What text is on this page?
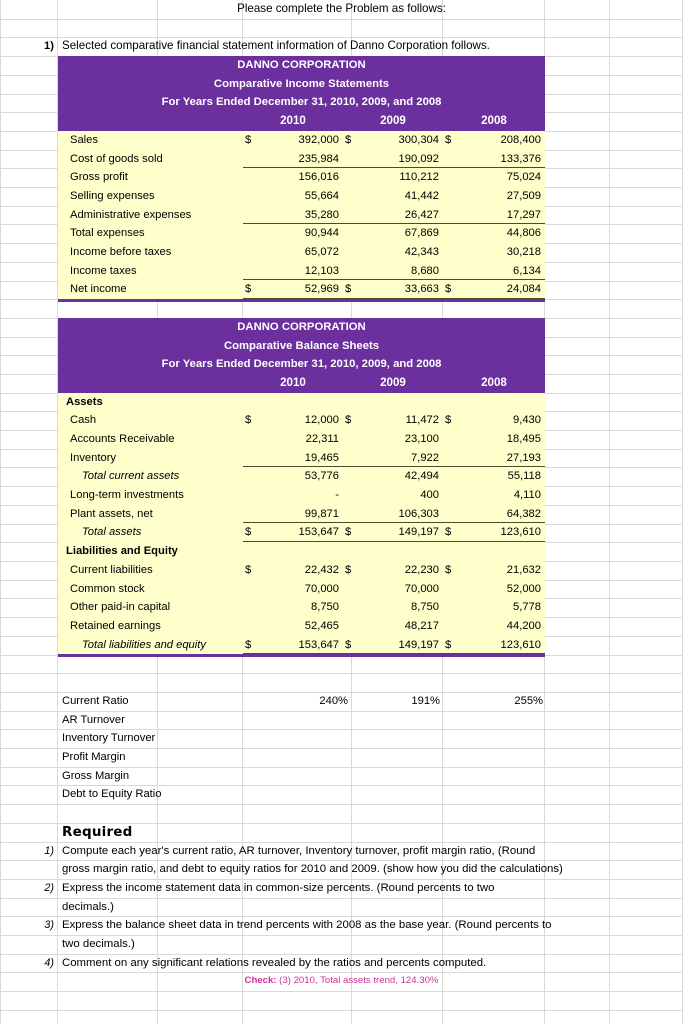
Please complete the Problem as follows:
1) Selected comparative financial statement information of Danno Corporation follows.
DANNO CORPORATION
Comparative Income Statements
For Years Ended December 31, 2010, 2009, and 2008
2010	2009	2008
Sales	$	392,000 $	300,304 $	208,400
Cost of goods sold	235,984	190,092	133,376
Gross profit	156,016	110,212	75,024
Selling expenses	55,664	41,442	27,509
Administrative expenses	35,280	26,427	17,297
Total expenses	90,944	67,869	44,806
Income before taxes	65,072	42,343	30,218
Income taxes	12,103	8,680	6,134
Net income	$	52,969 $	33,663 $	24,084
DANNO CORPORATION
Comparative Balance Sheets
For Years Ended December 31, 2010, 2009, and 2008
2010	2009	2008
Assets
Cash	$	12,000 $	11,472 $	9,430
Accounts Receivable	22,311	23,100	18,495
Inventory	19,465	7,922	27,193
Total current assets	53,776	42,494	55,118
Long-term investments	-	400	4,110
Plant assets, net	99,871	106,303	64,382
Total assets	$	153,647 $	149,197 $	123,610
Liabilities and Equity
Current liabilities	$	22,432 $	22,230 $	21,632
Common stock	70,000	70,000	52,000
Other paid-in capital	8,750	8,750	5,778
Retained earnings	52,465	48,217	44,200
Total liabilities and equity	$	153,647 $	149,197 $	123,610
Current Ratio	240%	191%	255%
AR Turnover
Inventory Turnover
Profit Margin
Gross Margin
Debt to Equity Ratio
Required
1) Compute each year's current ratio, AR turnover, Inventory turnover, profit margin ratio, (Round
gross margin ratio, and debt to equity ratios for 2010 and 2009. (show how you did the calculations)
2) Express the income statement data in common-size percents. (Round percents to two
decimals.)
3) Express the balance sheet data in trend percents with 2008 as the base year. (Round percents to
two decimals.)
4) Comment on any significant relations revealed by the ratios and percents computed.
Check: (3) 2010, Total assets trend, 124.30%
